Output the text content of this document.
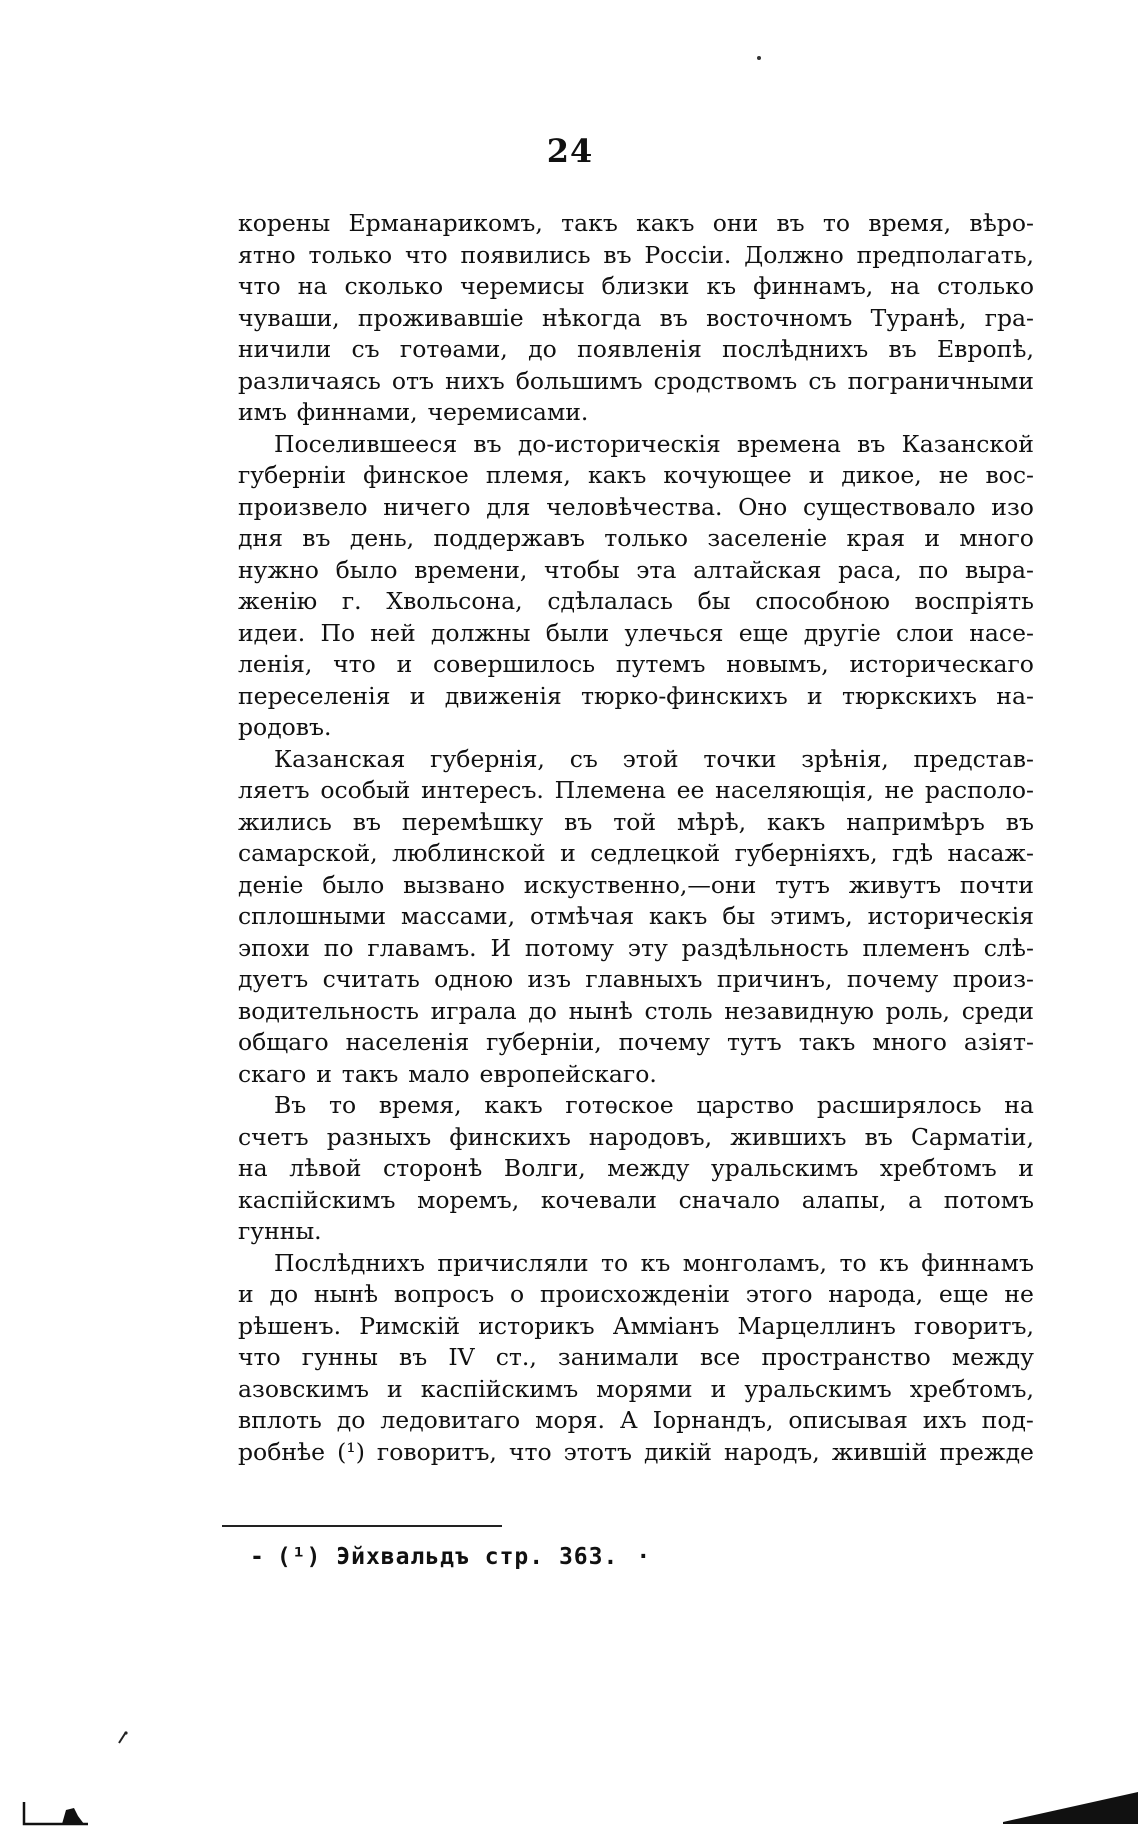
24
корены Ерманарикомъ, такъ какъ они въ то время, вѣро-
ятно только что появились въ Россiи. Должно предполагать,
что на сколько черемисы близки къ финнамъ, на столько
чуваши, проживавшiе нѣкогда въ восточномъ Туранѣ, гра-
ничили съ готѳами, до появленiя послѣднихъ въ Европѣ,
различаясь отъ нихъ большимъ сродствомъ съ пограничными
имъ финнами, черемисами.
Поселившееся въ до-историческiя времена въ Казанской
губернiи финское племя, какъ кочующее и дикое, не вос-
произвело ничего для человѣчества. Оно существовало изо
дня въ день, поддержавъ только заселенiе края и много
нужно было времени, чтобы эта алтайская раса, по выра-
женiю г. Хвольсона, сдѣлалась бы способною воспрiять
идеи. По ней должны были улечься еще другiе слои насе-
ленiя, что и совершилось путемъ новымъ, историческаго
переселенiя и движенiя тюрко-финскихъ и тюркскихъ на-
родовъ.
Казанская губернiя, съ этой точки зрѣнiя, представ-
ляетъ особый интересъ. Племена ее населяющiя, не располо-
жились въ перемѣшку въ той мѣрѣ, какъ напримѣръ въ
самарской, люблинской и седлецкой губернiяхъ, гдѣ насаж-
денiе было вызвано искуственно,—они тутъ живутъ почти
сплошными массами, отмѣчая какъ бы этимъ, историческiя
эпохи по главамъ. И потому эту раздѣльность племенъ слѣ-
дуетъ считать одною изъ главныхъ причинъ, почему произ-
водительность играла до нынѣ столь незавидную роль, среди
общаго населенiя губернiи, почему тутъ такъ много азiят-
скаго и такъ мало европейскаго.
Въ то время, какъ готѳское царство расширялось на
счетъ разныхъ финскихъ народовъ, жившихъ въ Сарматiи,
на лѣвой сторонѣ Волги, между уральскимъ хребтомъ и
каспiйскимъ моремъ, кочевали сначало алапы, а потомъ
гунны.
Послѣднихъ причисляли то къ монголамъ, то къ финнамъ
и до нынѣ вопросъ о происхожденiи этого народа, еще не
рѣшенъ. Римскiй историкъ Аммiанъ Марцеллинъ говоритъ,
что гунны въ IV ст., занимали все пространство между
азовскимъ и каспiйскимъ морями и уральскимъ хребтомъ,
вплоть до ледовитаго моря. А Iорнандъ, описывая ихъ под-
робнѣе (¹) говоритъ, что этотъ дикiй народъ, жившiй прежде
- (¹) Эйхвальдъ стр. 363. ·
